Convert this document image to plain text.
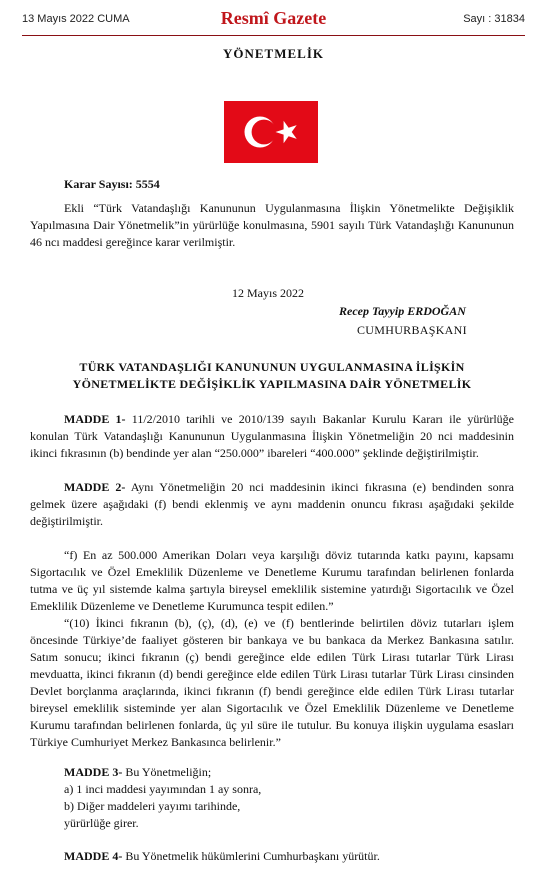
13 Mayıs 2022 CUMA	Resmî Gazete	Sayı : 31834
YÖNETMELİK
Karar Sayısı: 5554

Ekli “Türk Vatandaşlığı Kanununun Uygulanmasına İlişkin Yönetmelikte Değişiklik Yapılmasına Dair Yönetmelik”in yürürlüğe konulmasına, 5901 sayılı Türk Vatandaşlığı Kanununun 46 ncı maddesi gereğince karar verilmiştir.

12 Mayıs 2022
Recep Tayyip ERDOĞAN
CUMHURBAŞKANI
TÜRK VATANDAŞLIĞI KANUNUNUN UYGULANMASINA İLİŞKİN
YÖNETMELİKTE DEĞİŞİKLİK YAPILMASINA DAİR YÖNETMELİK

MADDE 1- 11/2/2010 tarihli ve 2010/139 sayılı Bakanlar Kurulu Kararı ile yürürlüğe konulan Türk Vatandaşlığı Kanununun Uygulanmasına İlişkin Yönetmeliğin 20 nci maddesinin ikinci fıkrasının (b) bendinde yer alan “250.000” ibareleri “400.000” şeklinde değiştirilmiştir.

MADDE 2- Aynı Yönetmeliğin 20 nci maddesinin ikinci fıkrasına (e) bendinden sonra gelmek üzere aşağıdaki (f) bendi eklenmiş ve aynı maddenin onuncu fıkrası aşağıdaki şekilde değiştirilmiştir.

“f) En az 500.000 Amerikan Doları veya karşılığı döviz tutarında katkı payını, kapsamı Sigortacılık ve Özel Emeklilik Düzenleme ve Denetleme Kurumu tarafından belirlenen fonlarda tutma ve üç yıl sistemde kalma şartıyla bireysel emeklilik sistemine yatırdığı Sigortacılık ve Özel Emeklilik Düzenleme ve Denetleme Kurumunca tespit edilen.”

“(10) İkinci fıkranın (b), (ç), (d), (e) ve (f) bentlerinde belirtilen döviz tutarları işlem öncesinde Türkiye’de faaliyet gösteren bir bankaya ve bu bankaca da Merkez Bankasına satılır. Satım sonucu; ikinci fıkranın (ç) bendi gereğince elde edilen Türk Lirası tutarlar Türk Lirası mevduatta, ikinci fıkranın (d) bendi gereğince elde edilen Türk Lirası tutarlar Türk Lirası cinsinden Devlet borçlanma araçlarında, ikinci fıkranın (f) bendi gereğince elde edilen Türk Lirası tutarlar bireysel emeklilik sisteminde yer alan Sigortacılık ve Özel Emeklilik Düzenleme ve Denetleme Kurumu tarafından belirlenen fonlarda, üç yıl süre ile tutulur. Bu konuya ilişkin uygulama esasları Türkiye Cumhuriyet Merkez Bankasınca belirlenir.”

MADDE 3- Bu Yönetmeliğin;
a) 1 inci maddesi yayımından 1 ay sonra,
b) Diğer maddeleri yayımı tarihinde,
yürürlüğe girer.
MADDE 4- Bu Yönetmelik hükümlerini Cumhurbaşkanı yürütür.
